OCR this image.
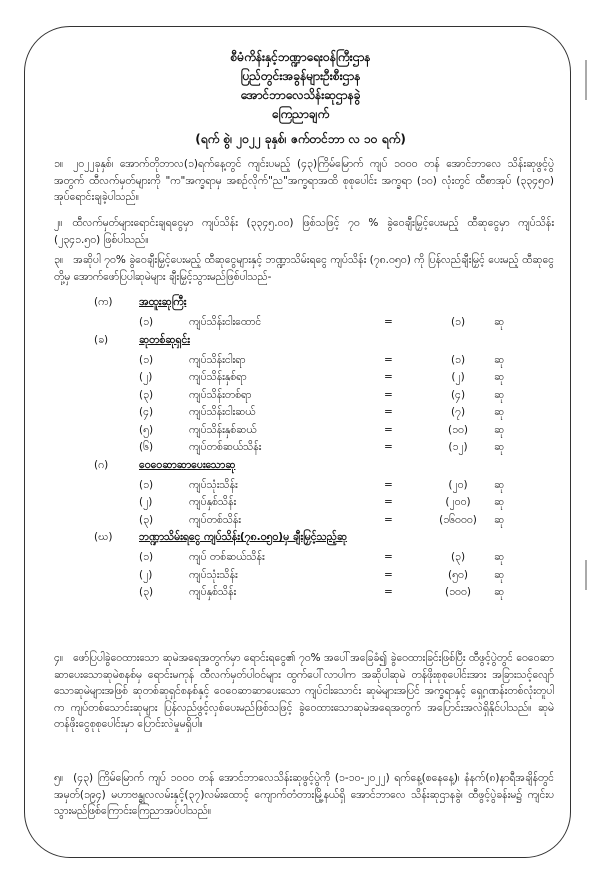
စီမံကိန်းနှင့်ဘဏ္ဍာရေးဝန်ကြီးဌာန
ပြည်တွင်းအခွန်များဦးစီးဌာန
အောင်ဘာလေသိန်းဆုဌာနခွဲ
ကြေညာချက်
(ရက် စွဲ၊ ၂၀၂၂ ခုနှစ်၊ ဇက်တင်ဘာ လ ၁၀ ရက်)
၁။ ၂၀၂၂ခုနှစ်၊ အောက်တိုဘာလ(၁)ရက်နေ့တွင် ကျင်းပမည့် (၄၃)ကြိမ်မြောက် ကျပ် ၁၀၀၀ တန် အောင်ဘာလေ သိန်းဆုဖွင့်ပွဲအတွက် ထီလက်မှတ်များကို "က"အက္ခရာမှ အစဉ်လိုက်"ည"အက္ခရာအထိ စုစုပေါင်း အက္ခရာ (၁၀) လုံးတွင် ထီစာအုပ် (၃၃၄၅၀) အုပ်ရောင်းချခဲ့ပါသည်။
၂။ ထီလက်မှတ်များရောင်းချရငွေမှာ ကျပ်သိန်း (၃၃၄၅.၀၀) ဖြစ်သဖြင့် ၇၀ % ခွဲဝေချီးမြှင့်ပေးမည့် ထီဆုငွေမှာ ကျပ်သိန်း (၂၃၄၁.၅၀) ဖြစ်ပါသည်။
၃။ အဆိုပါ ၇၀% ခွဲဝေချီးမြှင့်ပေးမည့် ထီဆုငွေများနှင့် ဘဏ္ဍာသိမ်းရငွေ ကျပ်သိန်း (၇၈.၀၅၀) ကို ပြန်လည်ချီးမြှင့် ပေးမည့် ထီဆုငွေတို့မှ အောက်ဖော်ပြပါဆုမဲများ ချီးမြှင့်သွားမည်ဖြစ်ပါသည်-
(က)	အထူးဆုကြီး
(၁)	ကျပ်သိန်းငါးထောင်	=	(၁)	ဆု
(ခ)	ဆုတစ်ဆုရှင်း
(၁)	ကျပ်သိန်းငါးရာ	=	(၁)	ဆု
(၂)	ကျပ်သိန်းနှစ်ရာ	=	(၂)	ဆု
(၃)	ကျပ်သိန်းတစ်ရာ	=	(၄)	ဆု
(၄)	ကျပ်သိန်းငါးဆယ်	=	(၇)	ဆု
(၅)	ကျပ်သိန်းနှစ်ဆယ်	=	(၁၀)	ဆု
(၆)	ကျပ်တစ်ဆယ်သိန်း	=	(၁၂)	ဆု
(ဂ)	ဝေဝေဆာဆာပေးသောဆု
(၁)	ကျပ်သုံးသိန်း	=	(၂၀)	ဆု
(၂)	ကျပ်နှစ်သိန်း	=	(၂၀၀)	ဆု
(၃)	ကျပ်တစ်သိန်း	=	(၁၆၀၀၀)	ဆု
(ဃ)	ဘဏ္ဍာသိမ်းရငွေ ကျပ်သိန်း(၇၈.၀၅၀)မှ ချီးမြှင့်သည့်ဆု
(၁)	ကျပ် တစ်ဆယ်သိန်း	=	(၃)	ဆု
(၂)	ကျပ်သုံးသိန်း	=	(၅၀)	ဆု
(၃)	ကျပ်နှစ်သိန်း	=	(၁၀၀)	ဆု
၄။ ဖော်ပြပါခွဲဝေထားသော ဆုမဲအရေအတွက်မှာ ရောင်းရငွေ၏ ၇၀% အပေါ်အခြေခံ၍ ခွဲဝေထားခြင်းဖြစ်ပြီး ထီဖွင့်ပွဲတွင် ဝေဝေဆာဆာပေးသောဆုမဲစနစ်မှ ရောင်းမကုန် ထီလက်မှတ်ပါဝင်များ ထွက်ပေါ်လာပါက အဆိုပါဆုမဲ တန်ဖိုးစုစုပေါင်းအား အခြားသင့်လျော်သောဆုမဲများအဖြစ် ဆုတစ်ဆုရှင်စနစ်နှင့် ဝေဝေဆာဆာပေးသော ကျပ်ငါးသောင်း ဆုမဲများအပြင် အက္ခရာနှင့် ရှေ့ဂဏန်းတစ်လုံးတူပါက ကျပ်တစ်သောင်းဆုများ ပြန်လည်ဖွင့်လှစ်ပေးမည်ဖြစ်သဖြင့် ခွဲဝေထားသောဆုမဲအရေအတွက် အပြောင်းအလဲရှိနိုင်ပါသည်။ ဆုမဲတန်ဖိုးငွေစုစုပေါင်းမှာ ပြောင်းလဲမှုမရှိပါ။
၅။ (၄၃) ကြိမ်မြောက် ကျပ် ၁၀၀၀ တန် အောင်ဘာလေသိန်းဆုဖွင့်ပွဲကို (၁-၁၀-၂၀၂၂) ရက်နေ့(စနေနေ့)၊ နံနက်(၈)နာရီအချိန်တွင် အမှတ်(၁၉၄) မဟာဗန္ဓုလလမ်းနှင့်(၃၇)လမ်းထောင့် ကျောက်တံတားမြို့နယ်ရှိ အောင်ဘာလေ သိန်းဆုဌာနခွဲ၊ ထီဖွင့်ပွဲခန်းမ၌ ကျင်းပသွားမည်ဖြစ်ကြောင်းကြေညာအပ်ပါသည်။
